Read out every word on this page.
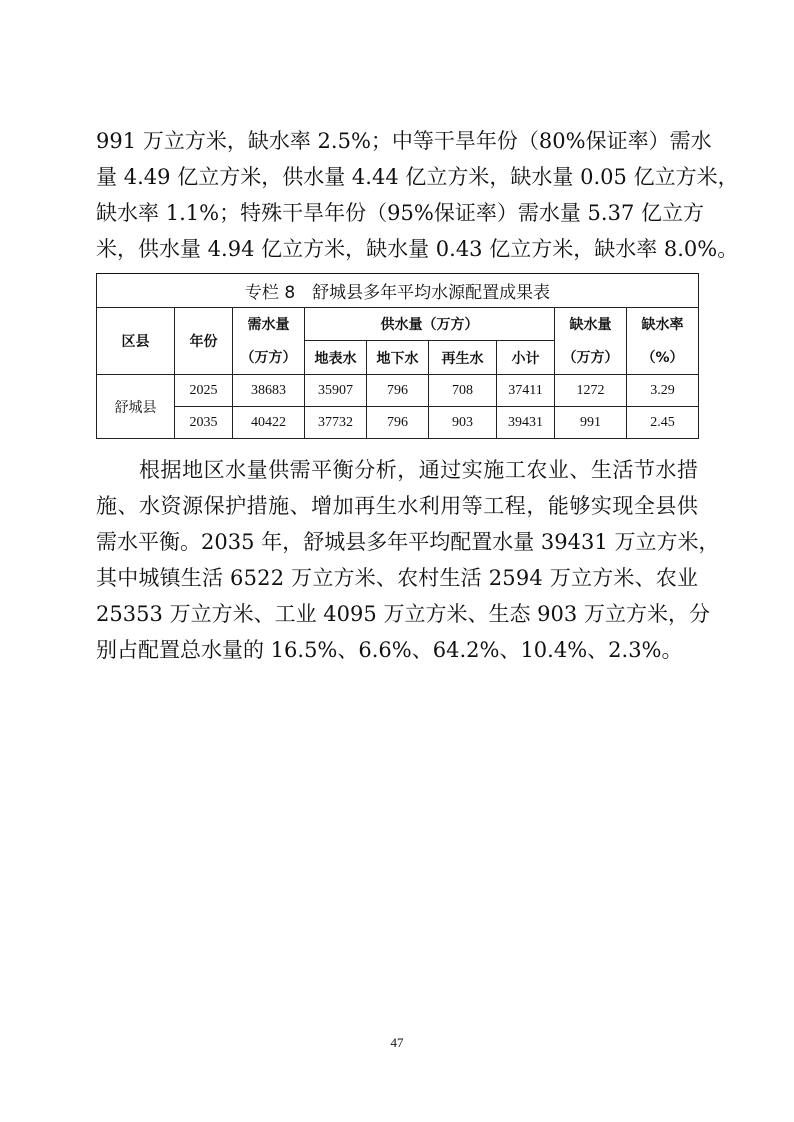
9 9 1
万 立 方 米 ， 缺 水 率
2 . 5 % ； 中 等 干 旱 年 份 （ 8 0 % 保 证 率 ） 需 水
量
4 . 4 9
亿 立 方 米 ， 供 水 量
4 . 4 4
亿 立 方 米 ， 缺 水 量
0 . 0 5
亿 立 方 米 ，
缺 水 率
1 . 1 % ； 特 殊 干 旱 年 份 （ 9 5 % 保 证 率 ） 需 水 量
5 . 3 7
亿 立 方
米，供水量 4.94 亿立方米，缺水量 0.43 亿立方米，缺水率 8.0%。
专栏 8　舒城县多年平均水源配置成果表								
区县	年份	需水量	供水量（万方）				缺水量	缺水率
		（万方）	地表水	地下水	再生水	小计	（万方）	（%）
舒城县	2025	38683	35907	796	708	37411	1272	3.29
	2035	40422	37732	796	903	39431	991	2.45

根 据 地 区 水 量 供 需 平 衡 分 析 ， 通 过 实 施 工 农 业 、 生 活 节 水 措
施 、 水 资 源 保 护 措 施 、 增 加 再 生 水 利 用 等 工 程 ， 能 够 实 现 全 县 供
需 水 平 衡 。 2 0 3 5
年 ， 舒 城 县 多 年 平 均 配 置 水 量
3 9 4 3 1
万 立 方 米 ，
其 中 城 镇 生 活
6 5 2 2
万 立 方 米 、 农 村 生 活
2 5 9 4
万 立 方 米 、 农 业
2 5 3 5 3
万 立 方 米 、 工 业
4 0 9 5
万 立 方 米 、 生 态
9 0 3
万 立 方 米 ， 分
别占配置总水量的 16.5%、6.6%、64.2%、10.4%、2.3%。
47
